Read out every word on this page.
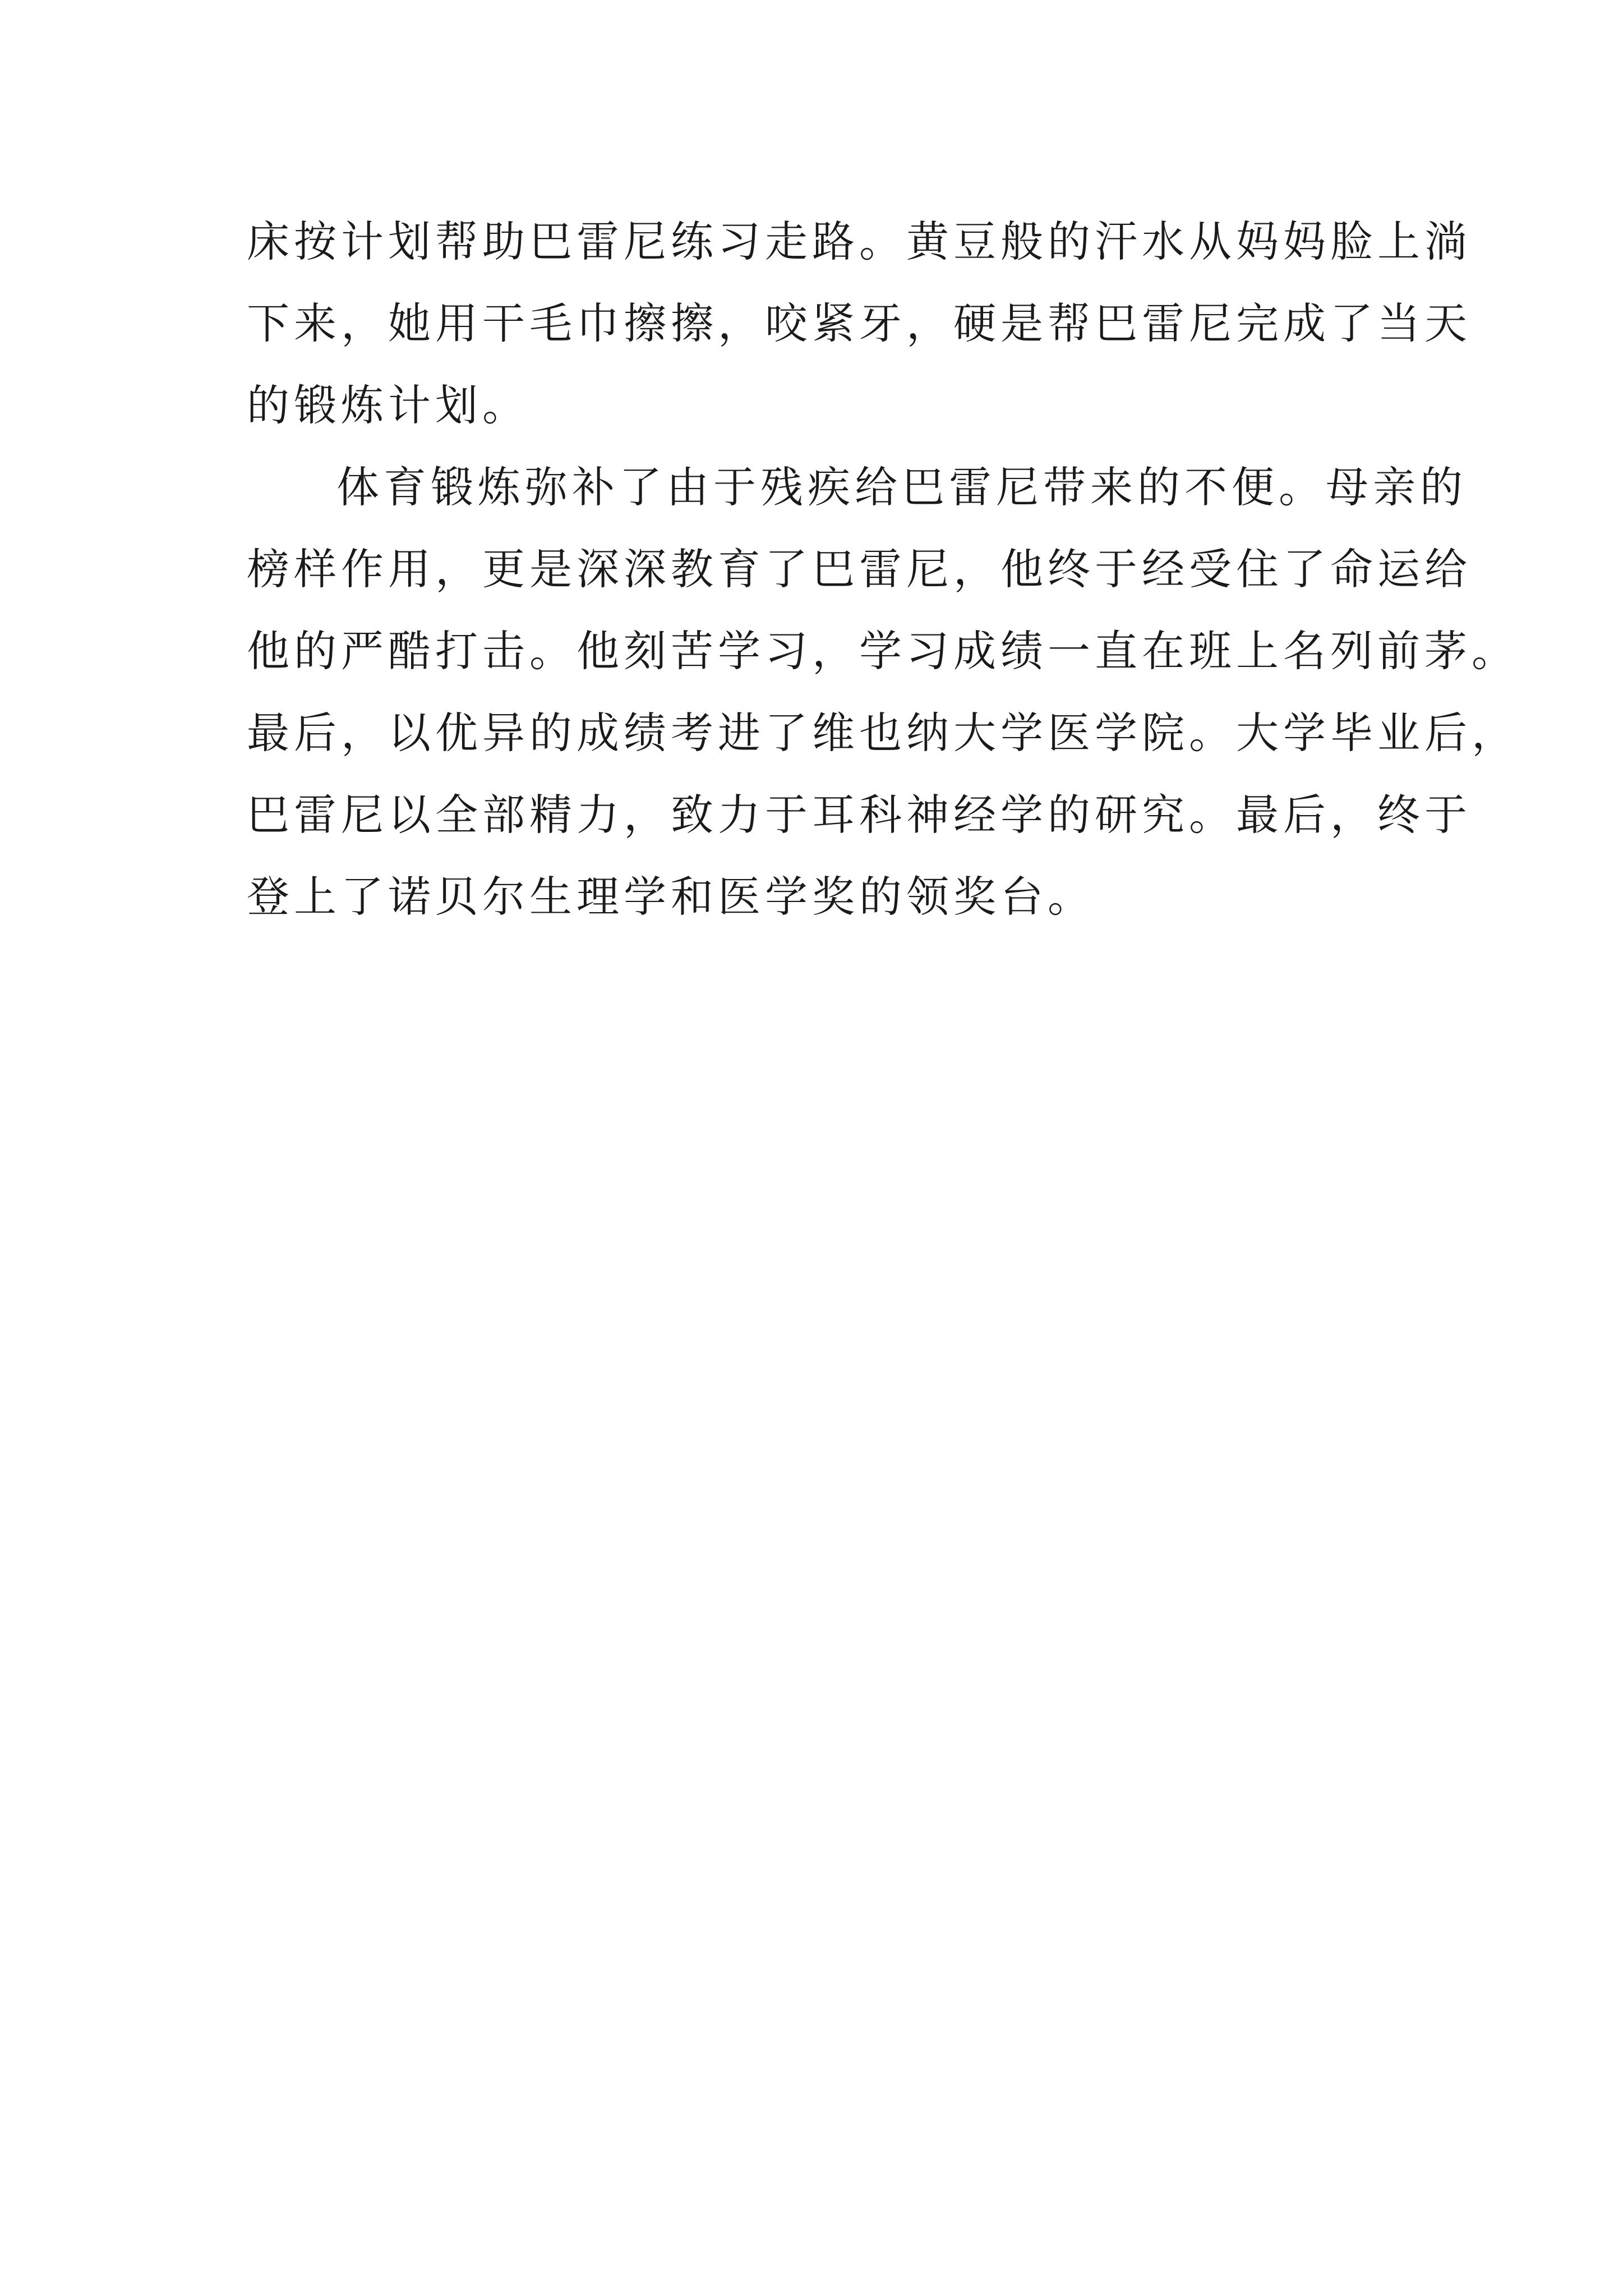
床按计划帮助巴雷尼练习走路。黄豆般的汗水从妈妈脸上淌
下来，她用干毛巾擦擦，咬紧牙，硬是帮巴雷尼完成了当天
的锻炼计划。
体育锻炼弥补了由于残疾给巴雷尼带来的不便。母亲的
榜样作用，更是深深教育了巴雷尼，他终于经受住了命运给
他的严酷打击。他刻苦学习，学习成绩一直在班上名列前茅。
最后，以优异的成绩考进了维也纳大学医学院。大学毕业后，
巴雷尼以全部精力，致力于耳科神经学的研究。最后，终于
登上了诺贝尔生理学和医学奖的领奖台。
